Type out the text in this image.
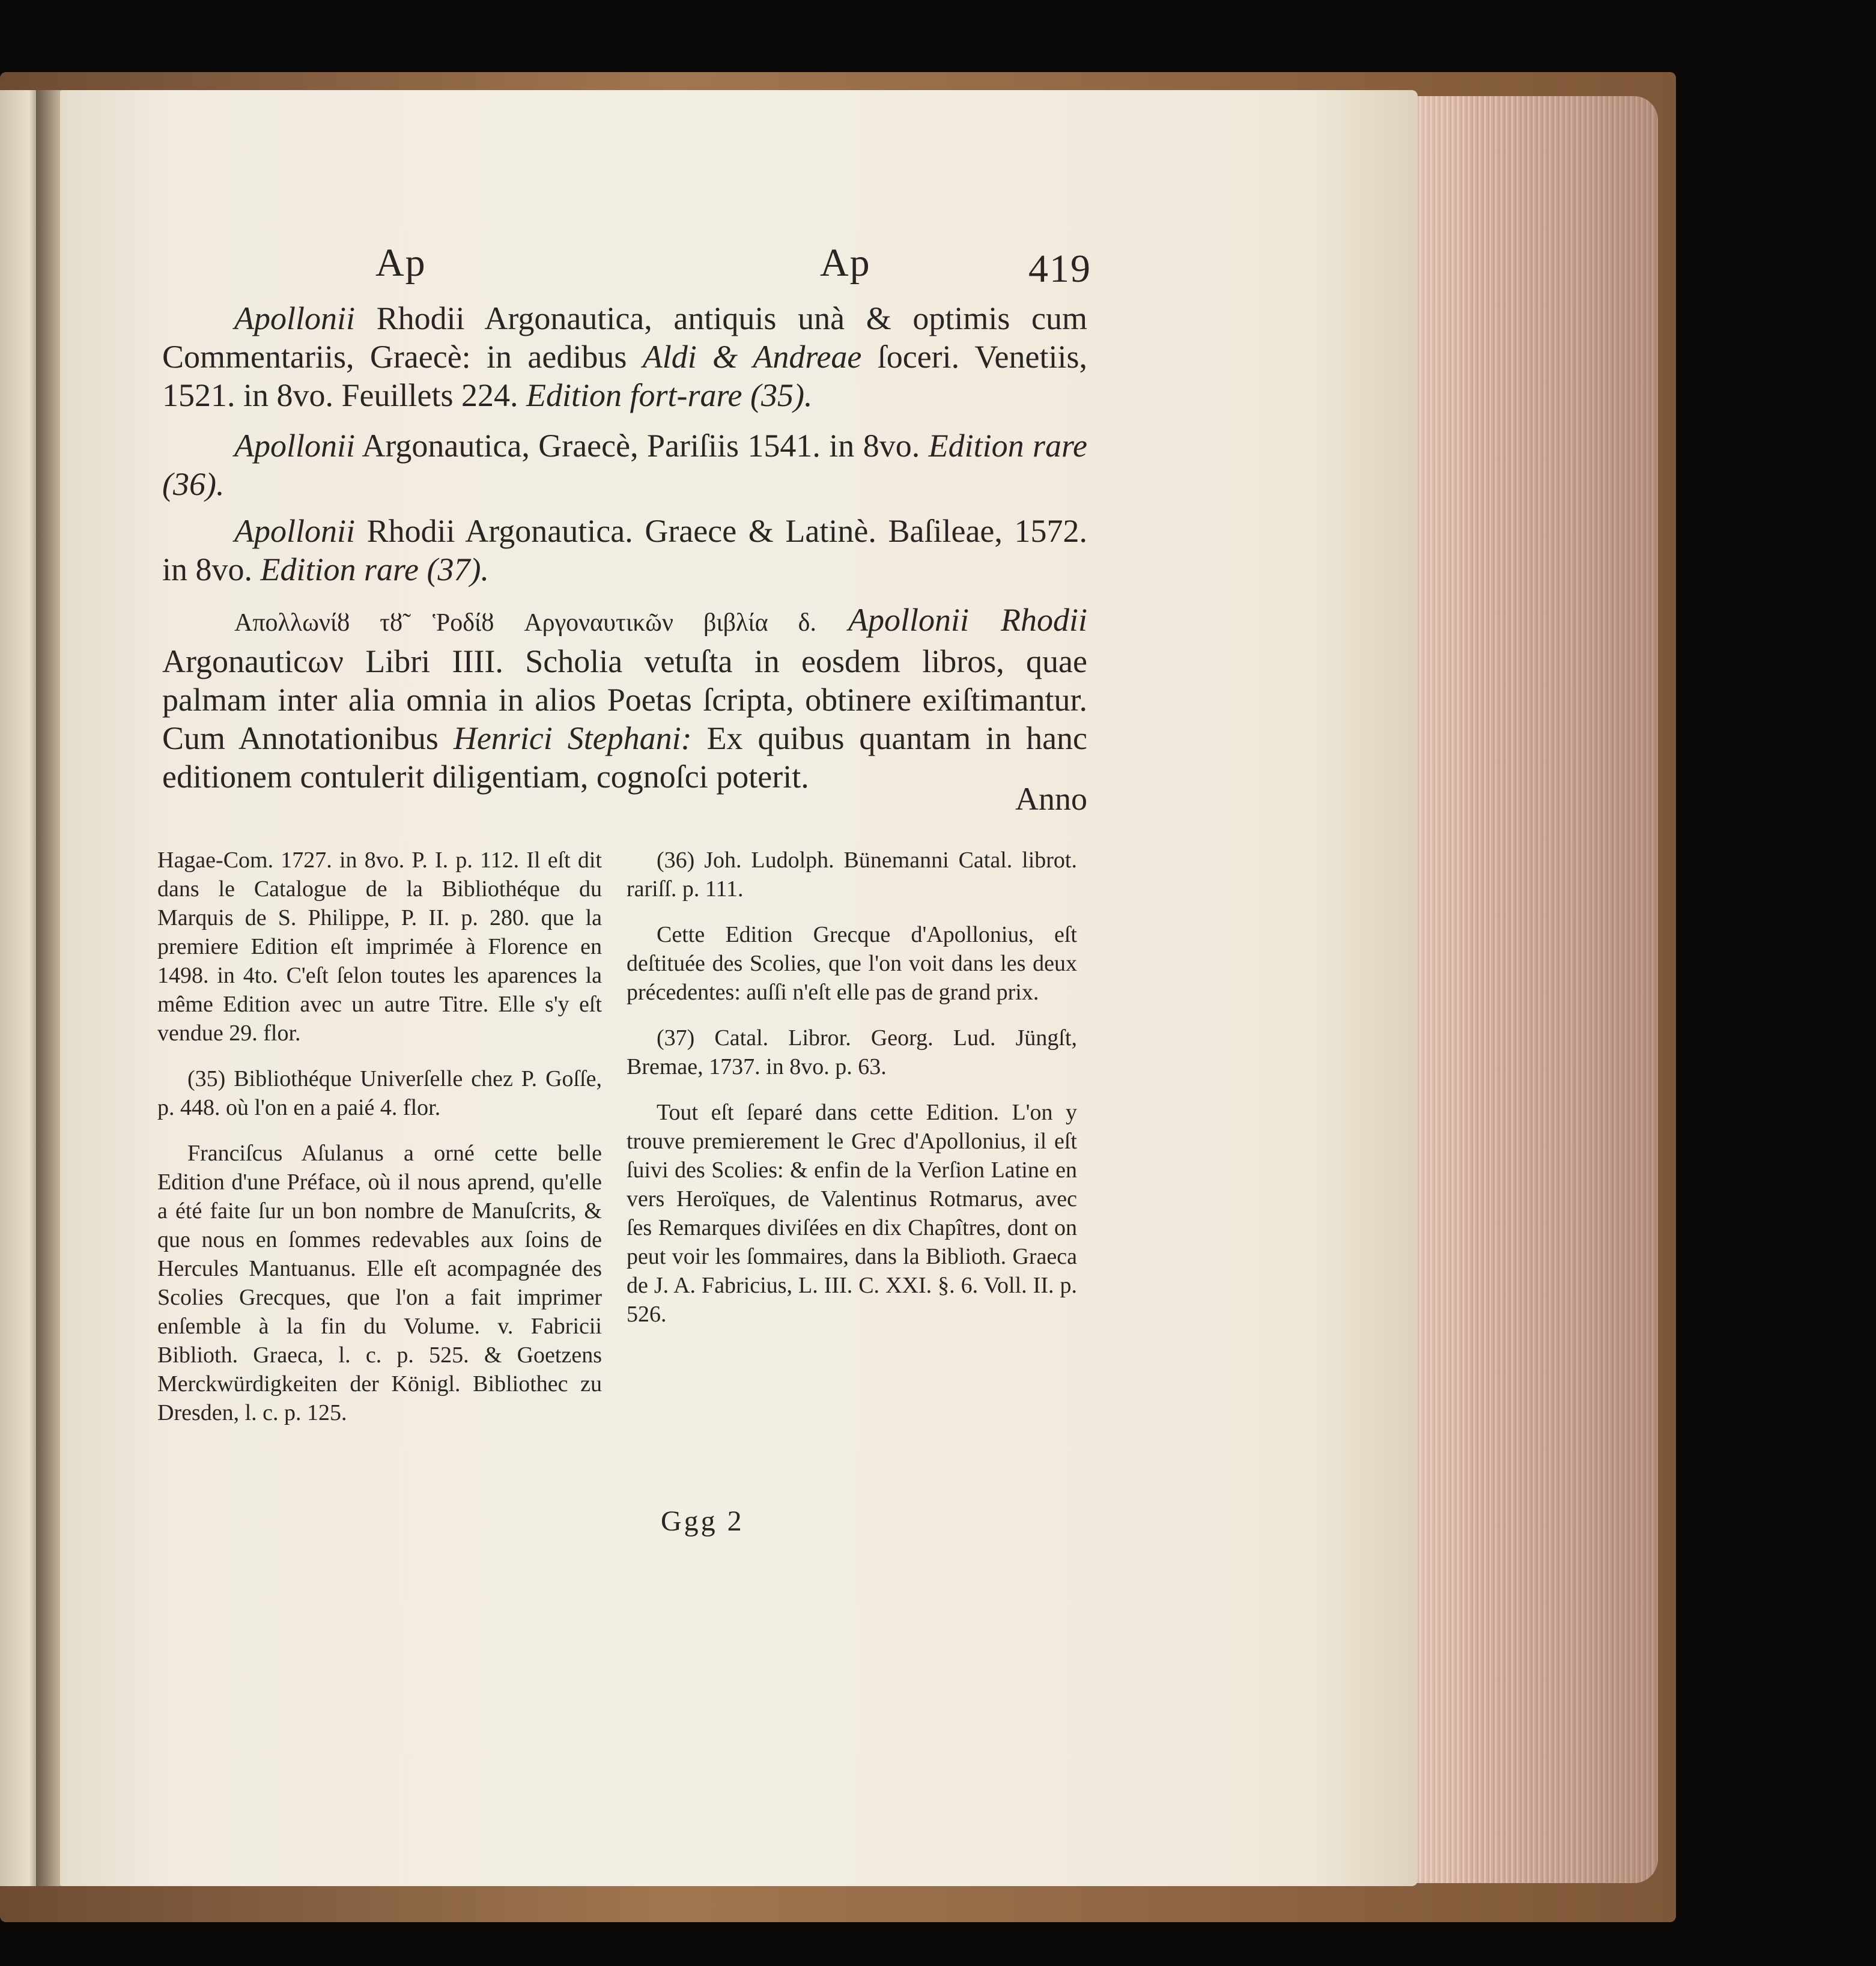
Ap	Ap	419

Apollonii Rhodii Argonautica, antiquis unà & optimis cum Commentariis, Graecè: in aedibus Aldi & Andreae ſoceri. Venetiis, 1521. in 8vo. Feuillets 224. Edition fort-rare (35).

Apollonii Argonautica, Graecè, Pariſiis 1541. in 8vo. Edition rare (36).

Apollonii Rhodii Argonautica. Graece & Latinè. Baſileae, 1572. in 8vo. Edition rare (37).

Απολλωνίȣ τȣ̃ Ῥοδίȣ Αργοναυτικῶν βιβλία δ. Apollonii Rhodii Argonauticων Libri IIII. Scholia vetuſta in eosdem libros, quae palmam inter alia omnia in alios Poetas ſcripta, obtinere exiſtimantur. Cum Annotationibus Henrici Stephani: Ex quibus quantam in hanc editionem contulerit diligentiam, cognoſci poterit.

Anno

Hagae-Com. 1727. in 8vo. P. I. p. 112. Il eſt dit dans le Catalogue de la Bibliothéque du Marquis de S. Philippe, P. II. p. 280. que la premiere Edition eſt imprimée à Florence en 1498. in 4to. C'eſt ſelon toutes les aparences la même Edition avec un autre Titre. Elle s'y eſt vendue 29. flor.

(35) Bibliothéque Univerſelle chez P. Goſſe, p. 448. où l'on en a paié 4. flor.

Franciſcus Aſulanus a orné cette belle Edition d'une Préface, où il nous aprend, qu'elle a été faite ſur un bon nombre de Manuſcrits, & que nous en ſommes redevables aux ſoins de Hercules Mantuanus. Elle eſt acompagnée des Scolies Grecques, que l'on a fait imprimer enſemble à la fin du Volume. v. Fabricii Biblioth. Graeca, l. c. p. 525. & Goetzens Merckwürdigkeiten der Königl. Bibliothec zu Dresden, l. c. p. 125.

(36) Joh. Ludolph. Bünemanni Catal. librot. rariſſ. p. 111.

Cette Edition Grecque d'Apollonius, eſt deſtituée des Scolies, que l'on voit dans les deux précedentes: auſſi n'eſt elle pas de grand prix.

(37) Catal. Libror. Georg. Lud. Jüngſt, Bremae, 1737. in 8vo. p. 63.

Tout eſt ſeparé dans cette Edition. L'on y trouve premierement le Grec d'Apollonius, il eſt ſuivi des Scolies: & enfin de la Verſion Latine en vers Heroïques, de Valentinus Rotmarus, avec ſes Remarques diviſées en dix Chapîtres, dont on peut voir les ſommaires, dans la Biblioth. Graeca de J. A. Fabricius, L. III. C. XXI. §. 6. Voll. II. p. 526.

Ggg 2
